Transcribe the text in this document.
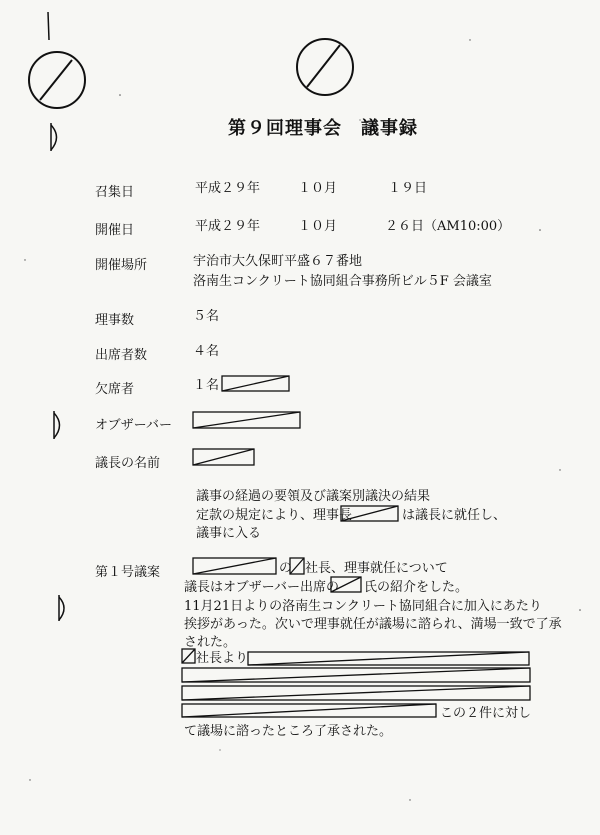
第９回理事会　議事録
召集日	平成２９年	１０月	１９日
開催日	平成２９年	１０月	２６日（AM10:00）
開催場所	宇治市大久保町平盛６７番地
洛南生コンクリート協同組合事務所ビル５F 会議室
理事数	５名
出席者数	４名
欠席者	１名
オブザーバー
議長の名前
議事の経過の要領及び議案別議決の結果
定款の規定により、理事長	は議長に就任し、
議事に入る
第１号議案	の 社長、理事就任について
議長はオブザーバー出席の 氏の紹介をした。
11月21日よりの洛南生コンクリート協同組合に加入にあたり
挨拶があった。次いで理事就任が議場に諮られ、満場一致で了承
された。
社長より
この２件に対し
て議場に諮ったところ了承された。
